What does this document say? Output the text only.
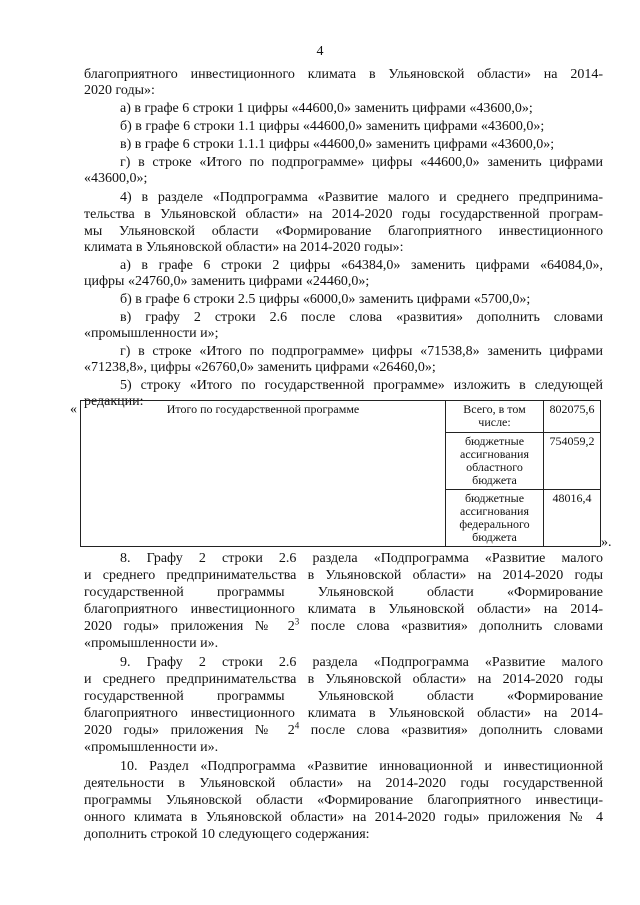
4
благоприятного инвестиционного климата в Ульяновской области» на 2014-
2020 годы»:
а) в графе 6 строки 1 цифры «44600,0» заменить цифрами «43600,0»;
б) в графе 6 строки 1.1 цифры «44600,0» заменить цифрами «43600,0»;
в) в графе 6 строки 1.1.1 цифры «44600,0» заменить цифрами «43600,0»;
г) в строке «Итого по подпрограмме» цифры «44600,0» заменить цифрами
«43600,0»;
4) в разделе «Подпрограмма «Развитие малого и среднего предпринима-
тельства в Ульяновской области» на 2014-2020 годы государственной програм-
мы Ульяновской области «Формирование благоприятного инвестиционного
климата в Ульяновской области» на 2014-2020 годы»:
а) в графе 6 строки 2 цифры «64384,0» заменить цифрами «64084,0»,
цифры «24760,0» заменить цифрами «24460,0»;
б) в графе 6 строки 2.5 цифры «6000,0» заменить цифрами «5700,0»;
в) графу 2 строки 2.6 после слова «развития» дополнить словами
«промышленности и»;
г) в строке «Итого по подпрограмме» цифры «71538,8» заменить цифрами
«71238,8», цифры «26760,0» заменить цифрами «26460,0»;
5) строку «Итого по государственной программе» изложить в следующей
редакции:
«	Итого по государственной программе	Всего, в том числе:	802075,6
	бюджетные ассигнования областного бюджета	754059,2
	бюджетные ассигнования федерального бюджета	48016,4
».
8. Графу 2 строки 2.6 раздела «Подпрограмма «Развитие малого
и среднего предпринимательства в Ульяновской области» на 2014-2020 годы
государственной программы Ульяновской области «Формирование
благоприятного инвестиционного климата в Ульяновской области» на 2014-
2020 годы» приложения № $2^3$ после слова «развития» дополнить словами
«промышленности и».
9. Графу 2 строки 2.6 раздела «Подпрограмма «Развитие малого
и среднего предпринимательства в Ульяновской области» на 2014-2020 годы
государственной программы Ульяновской области «Формирование
благоприятного инвестиционного климата в Ульяновской области» на 2014-
2020 годы» приложения № $2^4$ после слова «развития» дополнить словами
«промышленности и».
10. Раздел «Подпрограмма «Развитие инновационной и инвестиционной
деятельности в Ульяновской области» на 2014-2020 годы государственной
программы Ульяновской области «Формирование благоприятного инвестици-
онного климата в Ульяновской области» на 2014-2020 годы» приложения № 4
дополнить строкой 10 следующего содержания:
